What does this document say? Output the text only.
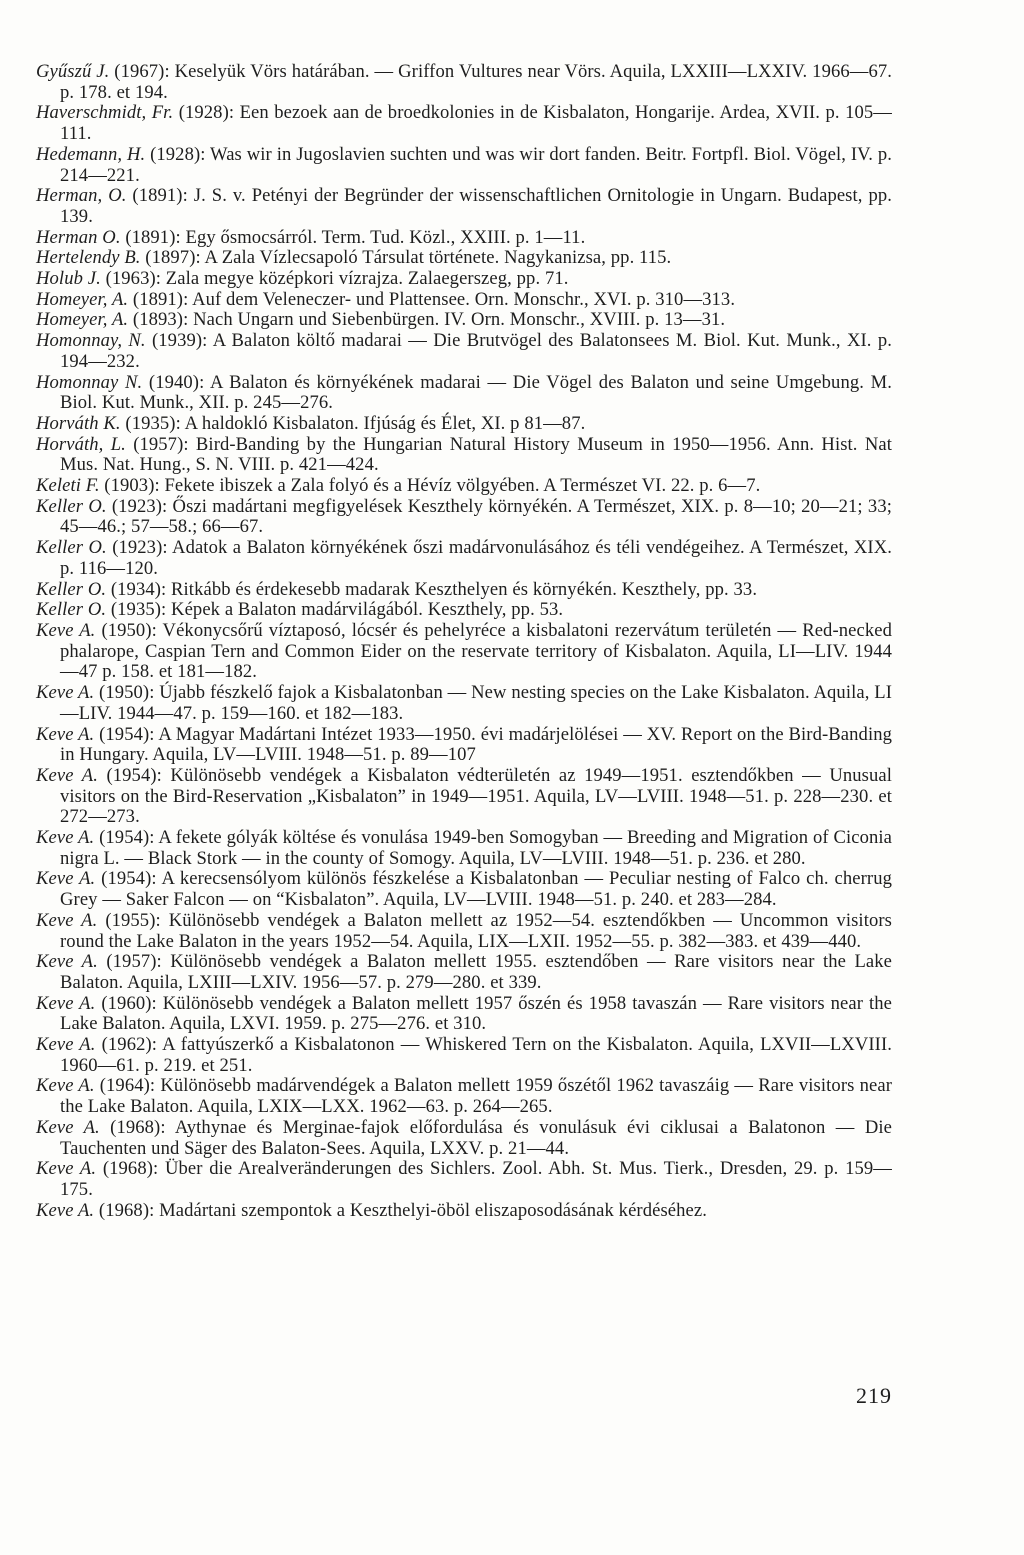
Gyűszű J. (1967): Keselyük Vörs határában. — Griffon Vultures near Vörs. Aquila, LXXIII—LXXIV. 1966—67. p. 178. et 194.

Haverschmidt, Fr. (1928): Een bezoek aan de broedkolonies in de Kisbalaton, Hongarije. Ardea, XVII. p. 105—111.

Hedemann, H. (1928): Was wir in Jugoslavien suchten und was wir dort fanden. Beitr. Fortpfl. Biol. Vögel, IV. p. 214—221.

Herman, O. (1891): J. S. v. Petényi der Begründer der wissenschaftlichen Ornitologie in Ungarn. Budapest, pp. 139.

Herman O. (1891): Egy ősmocsárról. Term. Tud. Közl., XXIII. p. 1—11.

Hertelendy B. (1897): A Zala Vízlecsapoló Társulat története. Nagykanizsa, pp. 115.

Holub J. (1963): Zala megye középkori vízrajza. Zalaegerszeg, pp. 71.

Homeyer, A. (1891): Auf dem Veleneczer- und Plattensee. Orn. Monschr., XVI. p. 310—313.

Homeyer, A. (1893): Nach Ungarn und Siebenbürgen. IV. Orn. Monschr., XVIII. p. 13—31.

Homonnay, N. (1939): A Balaton költő madarai — Die Brutvögel des Balatonsees M. Biol. Kut. Munk., XI. p. 194—232.

Homonnay N. (1940): A Balaton és környékének madarai — Die Vögel des Balaton und seine Umgebung. M. Biol. Kut. Munk., XII. p. 245—276.

Horváth K. (1935): A haldokló Kisbalaton. Ifjúság és Élet, XI. p 81—87.

Horváth, L. (1957): Bird-Banding by the Hungarian Natural History Museum in 1950—1956. Ann. Hist. Nat Mus. Nat. Hung., S. N. VIII. p. 421—424.

Keleti F. (1903): Fekete ibiszek a Zala folyó és a Hévíz völgyében. A Természet VI. 22. p. 6—7.

Keller O. (1923): Őszi madártani megfigyelések Keszthely környékén. A Természet, XIX. p. 8—10; 20—21; 33; 45—46.; 57—58.; 66—67.

Keller O. (1923): Adatok a Balaton környékének őszi madárvonulásához és téli vendégeihez. A Természet, XIX. p. 116—120.

Keller O. (1934): Ritkább és érdekesebb madarak Keszthelyen és környékén. Keszthely, pp. 33.

Keller O. (1935): Képek a Balaton madárvilágából. Keszthely, pp. 53.

Keve A. (1950): Vékonycsőrű víztaposó, lócsér és pehelyréce a kisbalatoni rezervátum területén — Red-necked phalarope, Caspian Tern and Common Eider on the reservate territory of Kisbalaton. Aquila, LI—LIV. 1944—47 p. 158. et 181—182.

Keve A. (1950): Újabb fészkelő fajok a Kisbalatonban — New nesting species on the Lake Kisbalaton. Aquila, LI—LIV. 1944—47. p. 159—160. et 182—183.

Keve A. (1954): A Magyar Madártani Intézet 1933—1950. évi madárjelölései — XV. Report on the Bird-Banding in Hungary. Aquila, LV—LVIII. 1948—51. p. 89—107

Keve A. (1954): Különösebb vendégek a Kisbalaton védterületén az 1949—1951. esztendőkben — Unusual visitors on the Bird-Reservation „Kisbalaton” in 1949—1951. Aquila, LV—LVIII. 1948—51. p. 228—230. et 272—273.

Keve A. (1954): A fekete gólyák költése és vonulása 1949-ben Somogyban — Breeding and Migration of Ciconia nigra L. — Black Stork — in the county of Somogy. Aquila, LV—LVIII. 1948—51. p. 236. et 280.

Keve A. (1954): A kerecsensólyom különös fészkelése a Kisbalatonban — Peculiar nesting of Falco ch. cherrug Grey — Saker Falcon — on “Kisbalaton”. Aquila, LV—LVIII. 1948—51. p. 240. et 283—284.

Keve A. (1955): Különösebb vendégek a Balaton mellett az 1952—54. esztendőkben — Uncommon visitors round the Lake Balaton in the years 1952—54. Aquila, LIX—LXII. 1952—55. p. 382—383. et 439—440.

Keve A. (1957): Különösebb vendégek a Balaton mellett 1955. esztendőben — Rare visitors near the Lake Balaton. Aquila, LXIII—LXIV. 1956—57. p. 279—280. et 339.

Keve A. (1960): Különösebb vendégek a Balaton mellett 1957 őszén és 1958 tavaszán — Rare visitors near the Lake Balaton. Aquila, LXVI. 1959. p. 275—276. et 310.

Keve A. (1962): A fattyúszerkő a Kisbalatonon — Whiskered Tern on the Kisbalaton. Aquila, LXVII—LXVIII. 1960—61. p. 219. et 251.

Keve A. (1964): Különösebb madárvendégek a Balaton mellett 1959 őszétől 1962 tavaszáig — Rare visitors near the Lake Balaton. Aquila, LXIX—LXX. 1962—63. p. 264—265.

Keve A. (1968): Aythynae és Merginae-fajok előfordulása és vonulásuk évi ciklusai a Balatonon — Die Tauchenten und Säger des Balaton-Sees. Aquila, LXXV. p. 21—44.

Keve A. (1968): Über die Arealveränderungen des Sichlers. Zool. Abh. St. Mus. Tierk., Dresden, 29. p. 159—175.

Keve A. (1968): Madártani szempontok a Keszthelyi-öböl eliszaposodásának kérdéséhez.

219
